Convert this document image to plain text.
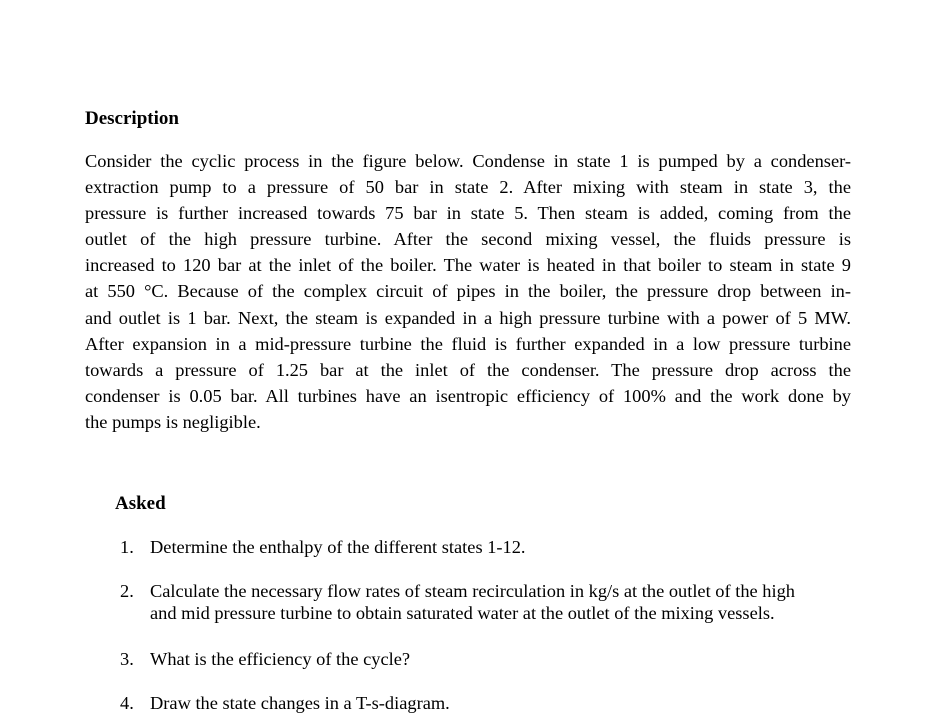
Description
Consider the cyclic process in the figure below. Condense in state 1 is pumped by a condenser-
extraction pump to a pressure of 50 bar in state 2. After mixing with steam in state 3, the
pressure is further increased towards 75 bar in state 5. Then steam is added, coming from the
outlet of the high pressure turbine. After the second mixing vessel, the fluids pressure is
increased to 120 bar at the inlet of the boiler. The water is heated in that boiler to steam in state 9
at 550 °C. Because of the complex circuit of pipes in the boiler, the pressure drop between in-
and outlet is 1 bar. Next, the steam is expanded in a high pressure turbine with a power of 5 MW.
After expansion in a mid-pressure turbine the fluid is further expanded in a low pressure turbine
towards a pressure of 1.25 bar at the inlet of the condenser. The pressure drop across the
condenser is 0.05 bar. All turbines have an isentropic efficiency of 100% and the work done by
the pumps is negligible.
Asked
1. Determine the enthalpy of the different states 1-12.
2. Calculate the necessary flow rates of steam recirculation in kg/s at the outlet of the high
and mid pressure turbine to obtain saturated water at the outlet of the mixing vessels.
3. What is the efficiency of the cycle?
4. Draw the state changes in a T-s-diagram.
